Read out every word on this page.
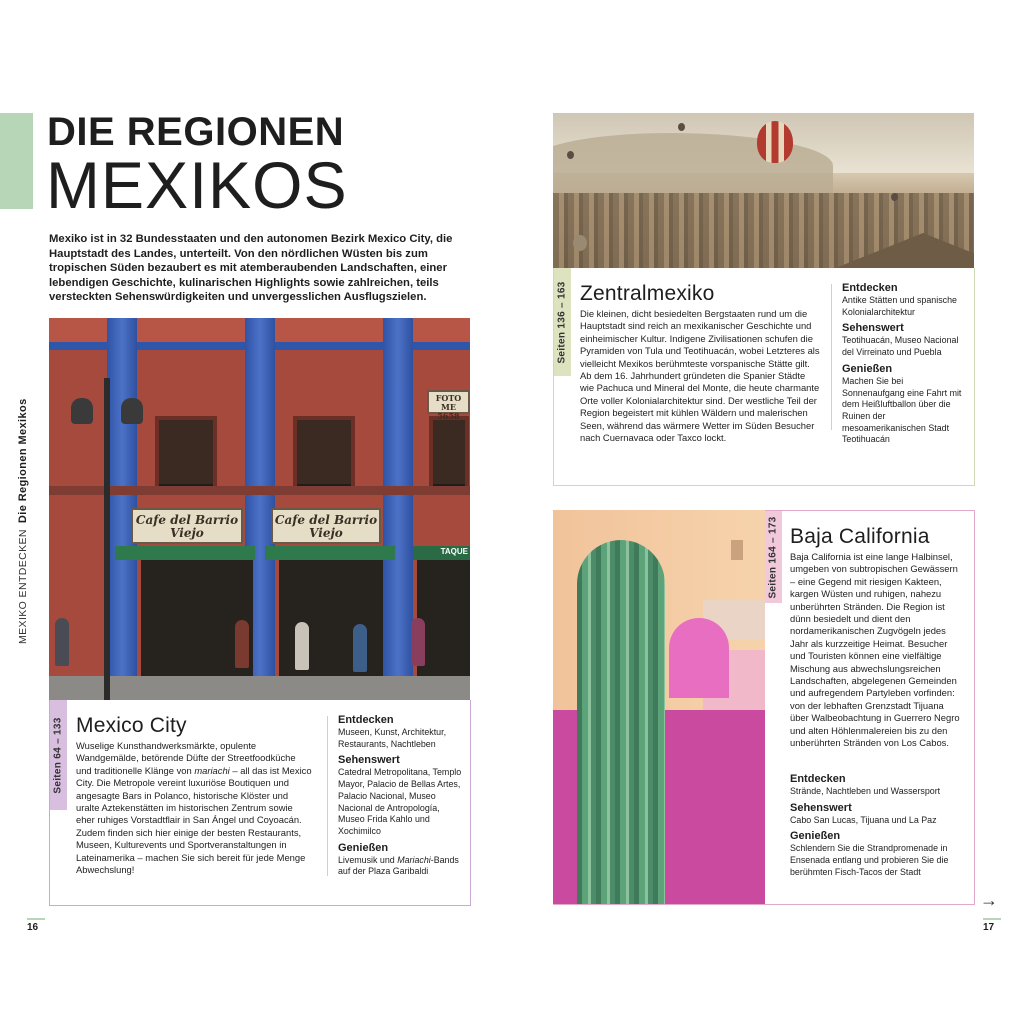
MEXIKO ENTDECKEN
Die Regionen Mexikos
DIE REGIONEN
MEXIKOS
Mexiko ist in 32 Bundesstaaten und den autonomen Bezirk Mexico City, die Hauptstadt des Landes, unterteilt. Von den nördlichen Wüsten bis zum tropischen Süden bezaubert es mit atemberaubenden Landschaften, einer lebendigen Geschichte, kulinarischen Highlights sowie zahlreichen, teils versteckten Sehenswürdigkeiten und unvergesslichen Ausflugszielen.
Cafe del Barrio Viejo
Cafe del Barrio Viejo
FOTO ME 5658
TAQUE
Seiten 64 – 133 Mexico City
Wuselige Kunsthandwerksmärkte, opulente Wandgemälde, betörende Düfte der Streetfoodküche und traditionelle Klänge von mariachi – all das ist Mexico City. Die Metropole vereint luxuriöse Boutiquen und angesagte Bars in Polanco, historische Klöster und uralte Aztekenstätten im historischen Zentrum sowie eher ruhiges Vorstadtflair in San Ángel und Coyoacán. Zudem finden sich hier einige der besten Restaurants, Museen, Kulturevents und Sportveranstaltungen in Lateinamerika – machen Sie sich bereit für jede Menge Abwechslung!
Entdecken
Museen, Kunst, Architektur, Restaurants, Nachtleben
Sehenswert
Catedral Metropolitana, Templo Mayor, Palacio de Bellas Artes, Palacio Nacional, Museo Nacional de Antropología, Museo Frida Kahlo und Xochimilco
Genießen
Livemusik und Mariachi-Bands auf der Plaza Garibaldi
16
Seiten 136 – 163 Zentralmexiko
Die kleinen, dicht besiedelten Bergstaaten rund um die Hauptstadt sind reich an mexikanischer Geschichte und einheimischer Kultur. Indigene Zivilisationen schufen die Pyramiden von Tula und Teotihuacán, wobei Letzteres als vielleicht Mexikos berühmteste vorspanische Stätte gilt. Ab dem 16. Jahrhundert gründeten die Spanier Städte wie Pachuca und Mineral del Monte, die heute charmante Orte voller Kolonialarchitektur sind. Der westliche Teil der Region begeistert mit kühlen Wäldern und malerischen Seen, während das wärmere Wetter im Süden Besucher nach Cuernavaca oder Taxco lockt.
Entdecken
Antike Stätten und spanische Kolonialarchitektur
Sehenswert
Teotihuacán, Museo Nacional del Virreinato und Puebla
Genießen
Machen Sie bei Sonnenaufgang eine Fahrt mit dem Heißluftballon über die Ruinen der mesoamerikanischen Stadt Teotihuacán
Seiten 164 – 173 Baja California
Baja California ist eine lange Halbinsel, umgeben von subtropischen Gewässern – eine Gegend mit riesigen Kakteen, kargen Wüsten und ruhigen, nahezu unberührten Stränden. Die Region ist dünn besiedelt und dient den nordamerikanischen Zugvögeln jedes Jahr als kurzzeitige Heimat. Besucher und Touristen können eine vielfältige Mischung aus abwechslungsreichen Landschaften, abgelegenen Gemeinden und aufregendem Partyleben vorfinden: von der lebhaften Grenzstadt Tijuana über Walbeobachtung in Guerrero Negro und alten Höhlenmalereien bis zu den unberührten Stränden von Los Cabos.
Entdecken
Strände, Nachtleben und Wassersport
Sehenswert
Cabo San Lucas, Tijuana und La Paz
Genießen
Schlendern Sie die Strandpromenade in Ensenada entlang und probieren Sie die berühmten Fisch-Tacos der Stadt
→
17
